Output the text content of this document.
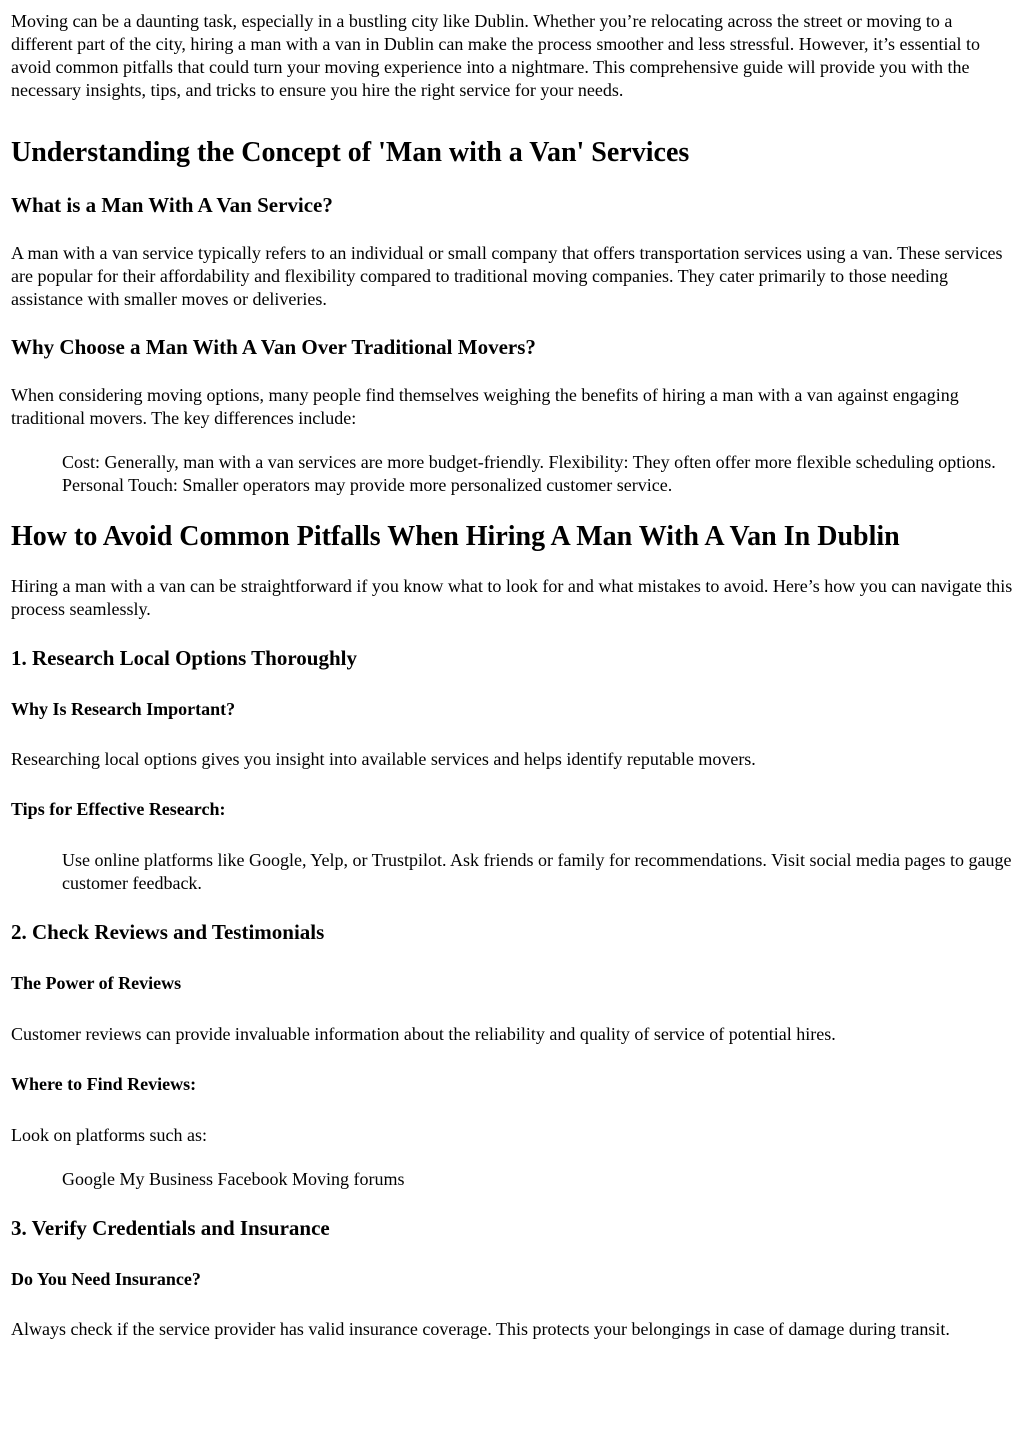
Moving can be a daunting task, especially in a bustling city like Dublin. Whether you’re relocating across the street or moving to a different part of the city, hiring a man with a van in Dublin can make the process smoother and less stressful. However, it’s essential to avoid common pitfalls that could turn your moving experience into a nightmare. This comprehensive guide will provide you with the necessary insights, tips, and tricks to ensure you hire the right service for your needs.

Understanding the Concept of 'Man with a Van' Services
What is a Man With A Van Service?

A man with a van service typically refers to an individual or small company that offers transportation services using a van. These services are popular for their affordability and flexibility compared to traditional moving companies. They cater primarily to those needing assistance with smaller moves or deliveries.

Why Choose a Man With A Van Over Traditional Movers?

When considering moving options, many people find themselves weighing the benefits of hiring a man with a van against engaging traditional movers. The key differences include:

Cost: Generally, man with a van services are more budget-friendly. Flexibility: They often offer more flexible scheduling options. Personal Touch: Smaller operators may provide more personalized customer service.
How to Avoid Common Pitfalls When Hiring A Man With A Van In Dublin

Hiring a man with a van can be straightforward if you know what to look for and what mistakes to avoid. Here’s how you can navigate this process seamlessly.

1. Research Local Options Thoroughly
Why Is Research Important?

Researching local options gives you insight into available services and helps identify reputable movers.

Tips for Effective Research:
Use online platforms like Google, Yelp, or Trustpilot. Ask friends or family for recommendations. Visit social media pages to gauge customer feedback.
2. Check Reviews and Testimonials
The Power of Reviews

Customer reviews can provide invaluable information about the reliability and quality of service of potential hires.

Where to Find Reviews:

Look on platforms such as:

Google My Business Facebook Moving forums
3. Verify Credentials and Insurance
Do You Need Insurance?

Always check if the service provider has valid insurance coverage. This protects your belongings in case of damage during transit.
